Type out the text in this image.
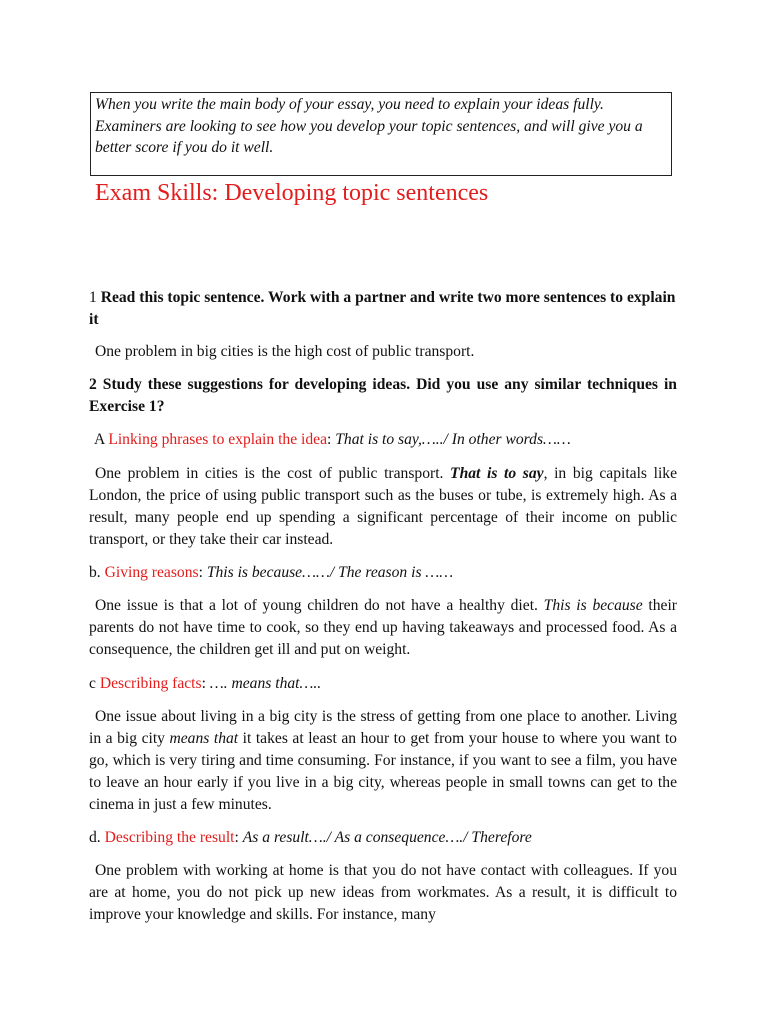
When you write the main body of your essay, you need to explain your ideas fully. Examiners are looking to see how you develop your topic sentences, and will give you a better score if you do it well.
Exam Skills: Developing topic sentences
1 Read this topic sentence. Work with a partner and write two more sentences to explain it
One problem in big cities is the high cost of public transport.
2 Study these suggestions for developing ideas. Did you use any similar techniques in Exercise 1?
A Linking phrases to explain the idea: That is to say,…../ In other words……
One problem in cities is the cost of public transport. That is to say, in big capitals like London, the price of using public transport such as the buses or tube, is extremely high. As a result, many people end up spending a significant percentage of their income on public transport, or they take their car instead.
b. Giving reasons: This is because……/ The reason is ……
One issue is that a lot of young children do not have a healthy diet. This is because their parents do not have time to cook, so they end up having takeaways and processed food. As a consequence, the children get ill and put on weight.
c Describing facts: …. means that…..
One issue about living in a big city is the stress of getting from one place to another. Living in a big city means that it takes at least an hour to get from your house to where you want to go, which is very tiring and time consuming. For instance, if you want to see a film, you have to leave an hour early if you live in a big city, whereas people in small towns can get to the cinema in just a few minutes.
d. Describing the result: As a result…./ As a consequence…./ Therefore
One problem with working at home is that you do not have contact with colleagues. If you are at home, you do not pick up new ideas from workmates. As a result, it is difficult to improve your knowledge and skills. For instance, many
